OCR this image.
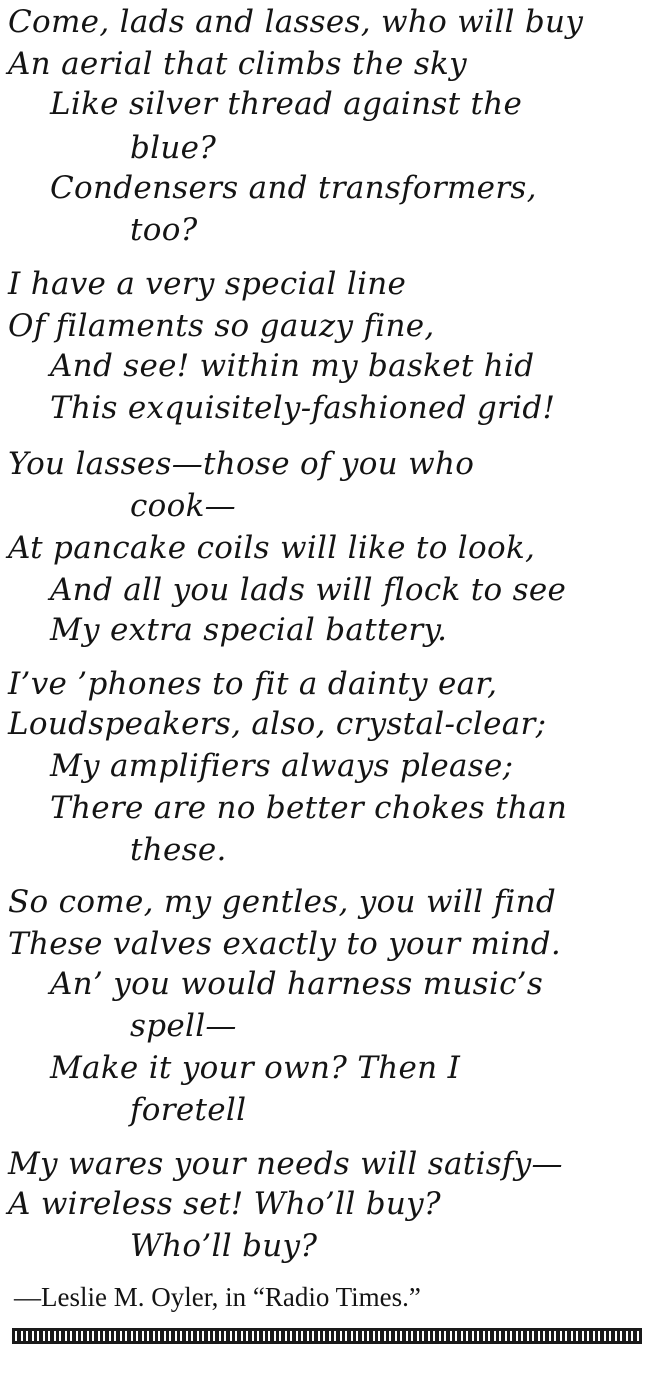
Come, lads and lasses, who will buy
An aerial that climbs the sky
Like silver thread against the
blue?
Condensers and transformers,
too?
I have a very special line
Of filaments so gauzy fine,
And see! within my basket hid
This exquisitely-fashioned grid!
You lasses—those of you who
cook—
At pancake coils will like to look,
And all you lads will flock to see
My extra special battery.
I’ve ’phones to fit a dainty ear,
Loudspeakers, also, crystal-clear;
My amplifiers always please;
There are no better chokes than
these.
So come, my gentles, you will find
These valves exactly to your mind.
An’ you would harness music’s
spell—
Make it your own? Then I
foretell
My wares your needs will satisfy—
A wireless set! Who’ll buy?
Who’ll buy?
—Leslie M. Oyler, in “Radio Times.”
